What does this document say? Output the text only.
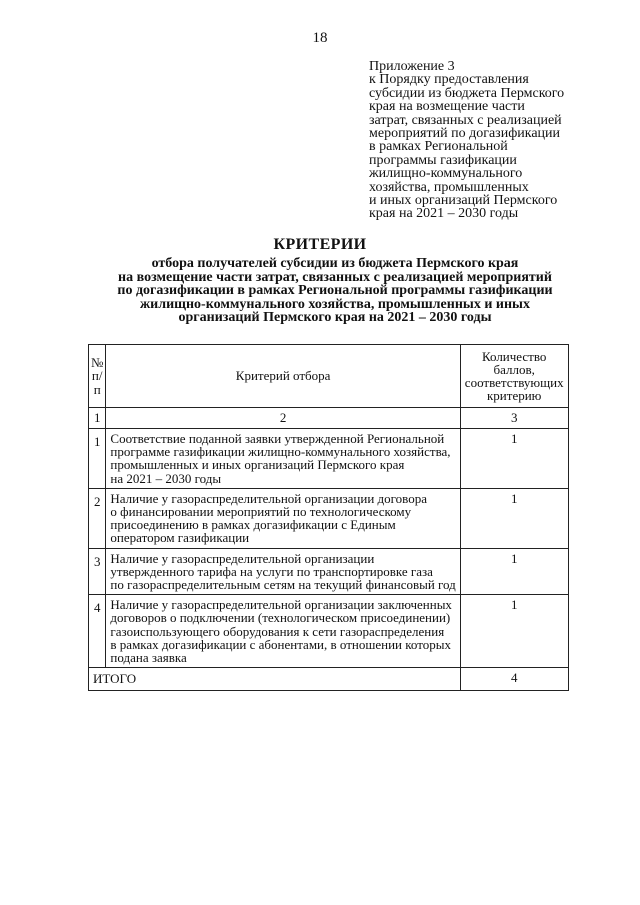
18
Приложение 3
к Порядку предоставления
субсидии из бюджета Пермского
края на возмещение части
затрат, связанных с реализацией
мероприятий по догазификации
в рамках Региональной
программы газификации
жилищно-коммунального
хозяйства, промышленных
и иных организаций Пермского
края на 2021 – 2030 годы
КРИТЕРИИ
отбора получателей субсидии из бюджета Пермского края
на возмещение части затрат, связанных с реализацией мероприятий
по догазификации в рамках Региональной программы газификации
жилищно-коммунального хозяйства, промышленных и иных
организаций Пермского края на 2021 – 2030 годы
№ п/п	Критерий отбора	Количество баллов, соответствующих критерию
1	2	3
1	Соответствие поданной заявки утвержденной Региональной
программе газификации жилищно-коммунального хозяйства,
промышленных и иных организаций Пермского края
на 2021 – 2030 годы	1
2	Наличие у газораспределительной организации договора
о финансировании мероприятий по технологическому
присоединению в рамках догазификации с Единым
оператором газификации	1
3	Наличие у газораспределительной организации
утвержденного тарифа на услуги по транспортировке газа
по газораспределительным сетям на текущий финансовый год	1
4	Наличие у газораспределительной организации заключенных
договоров о подключении (технологическом присоединении)
газоиспользующего оборудования к сети газораспределения
в рамках догазификации с абонентами, в отношении которых
подана заявка	1
ИТОГО		4
